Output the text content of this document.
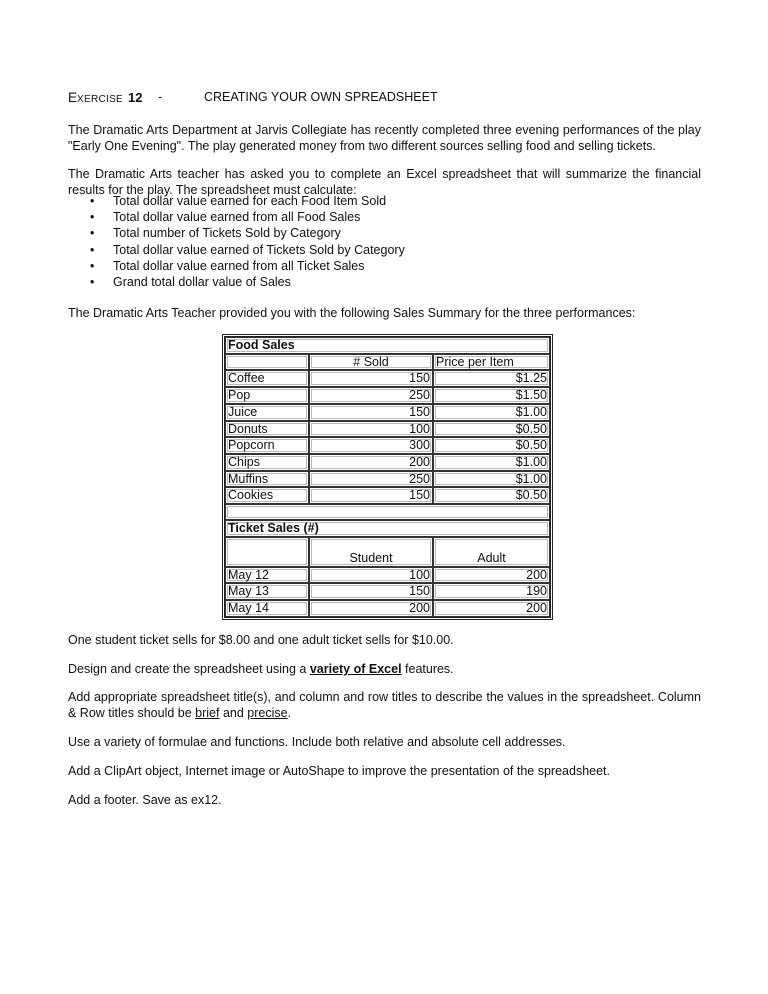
EXERCISE 12 -	CREATING YOUR OWN SPREADSHEET

The Dramatic Arts Department at Jarvis Collegiate has recently completed three evening performances of the play "Early One Evening". The play generated money from two different sources selling food and selling tickets.

The Dramatic Arts teacher has asked you to complete an Excel spreadsheet that will summarize the financial results for the play. The spreadsheet must calculate:

• Total dollar value earned for each Food Item Sold
• Total dollar value earned from all Food Sales
• Total number of Tickets Sold by Category
• Total dollar value earned of Tickets Sold by Category
• Total dollar value earned from all Ticket Sales
• Grand total dollar value of Sales

The Dramatic Arts Teacher provided you with the following Sales Summary for the three performances:

One student ticket sells for $8.00 and one adult ticket sells for $10.00.

Design and create the spreadsheet using a variety of Excel features.

Add appropriate spreadsheet title(s), and column and row titles to describe the values in the spreadsheet. Column & Row titles should be brief and precise.

Use a variety of formulae and functions. Include both relative and absolute cell addresses.

Add a ClipArt object, Internet image or AutoShape to improve the presentation of the spreadsheet.

Add a footer. Save as ex12.

Food Sales		
	# Sold	Price per Item
Coffee	150	$1.25
Pop	250	$1.50
Juice	150	$1.00
Donuts	100	$0.50
Popcorn	300	$0.50
Chips	200	$1.00
Muffins	250	$1.00
Cookies	150	$0.50

Ticket Sales (#)		
	Student	Adult
May 12	100	200
May 13	150	190
May 14	200	200
